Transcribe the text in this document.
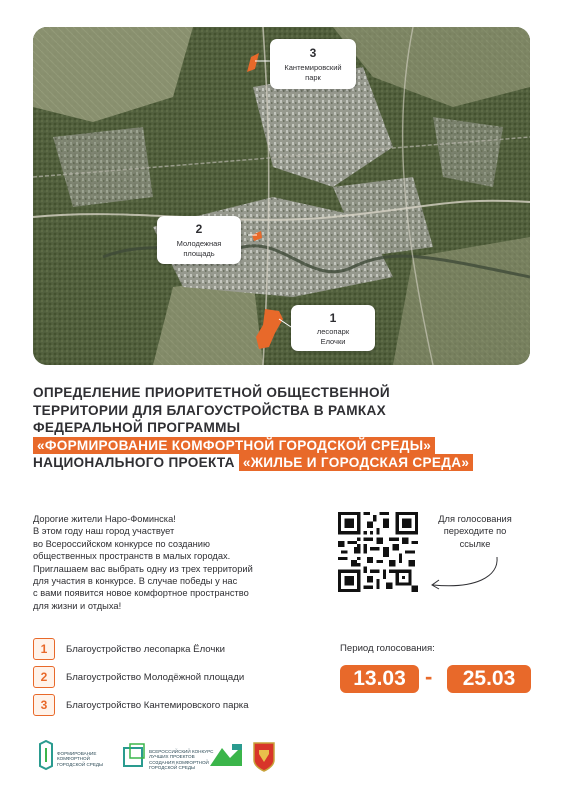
3
Кантемировский
парк
2
Молодежная
площадь
1
лесопарк
Елочки
ОПРЕДЕЛЕНИЕ ПРИОРИТЕТНОЙ ОБЩЕСТВЕННОЙ
ТЕРРИТОРИИ ДЛЯ БЛАГОУСТРОЙСТВА В РАМКАХ
ФЕДЕРАЛЬНОЙ ПРОГРАММЫ
«ФОРМИРОВАНИЕ КОМФОРТНОЙ ГОРОДСКОЙ СРЕДЫ»
НАЦИОНАЛЬНОГО ПРОЕКТА «ЖИЛЬЕ И ГОРОДСКАЯ СРЕДА»

Дорогие жители Наро-Фоминска!

В этом году наш город участвует

во Всероссийском конкурсе по созданию

общественных пространств в малых городах.

Приглашаем вас выбрать одну из трех территорий

для участия в конкурсе. В случае победы у нас

с вами появится новое комфортное пространство

для жизни и отдыха!

Для голосования
переходите по
ссылке
1	Благоустройство лесопарка Ёлочки
2	Благоустройство Молодёжной площади
3	Благоустройство Кантемировского парка
Период голосования:
13.03 -	25.03
ФОРМИРОВАНИЕ
КОМФОРТНОЙ
ГОРОДСКОЙ СРЕДЫ
ВСЕРОССИЙСКИЙ КОНКУРС
ЛУЧШИХ ПРОЕКТОВ
СОЗДАНИЯ КОМФОРТНОЙ
ГОРОДСКОЙ СРЕДЫ
